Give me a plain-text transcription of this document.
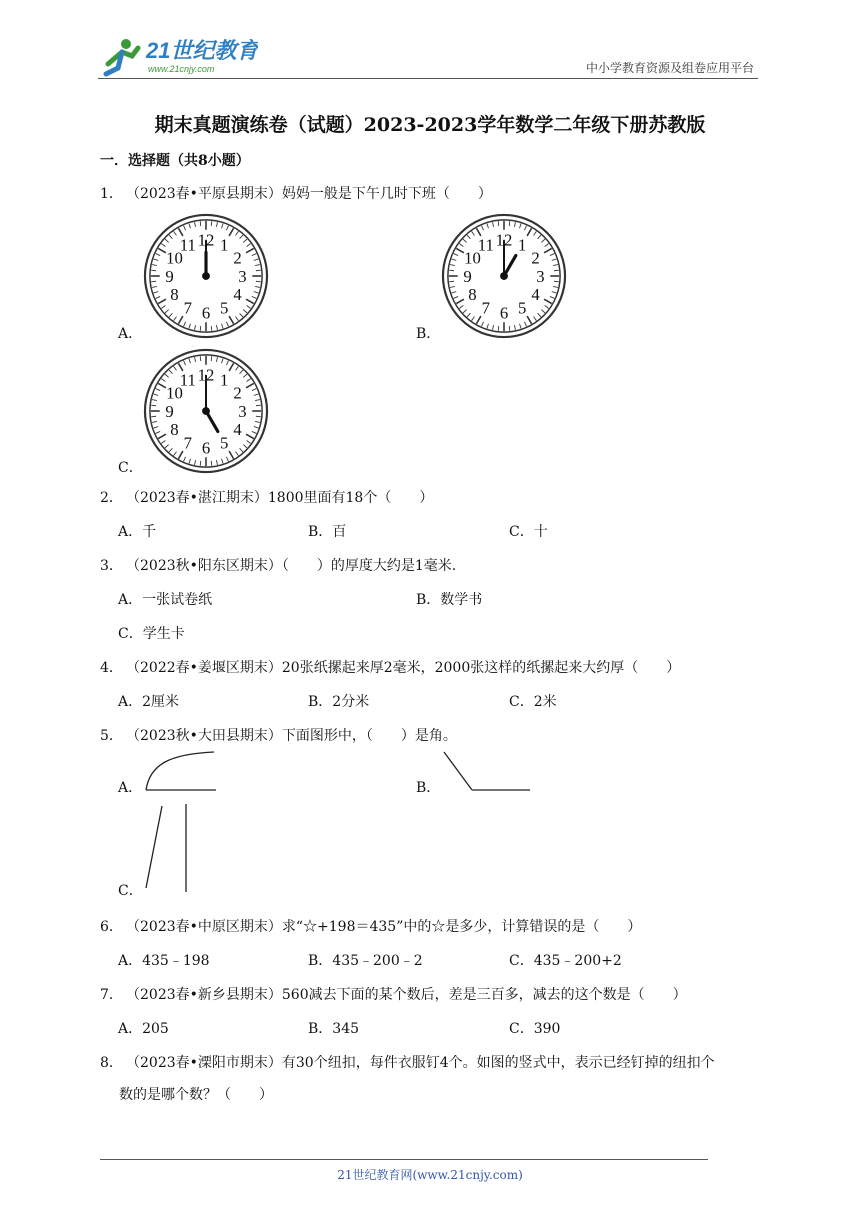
21世纪教育
www.21cnjy.com	中小学教育资源及组卷应用平台
期末真题演练卷（试题）2023-2023学年数学二年级下册苏教版
一．选择题（共8小题）
1． （2023春•平原县期末）妈妈一般是下午几时下班（　　）
A．
12 1
2
3
4
5
6
7
8
9
10
11
B．
12 1
2
3
4
5
6
7
8
9
10
11
C．
12 1
2
3
4
5
6
7
8
9
10
11
2． （2023春•湛江期末）1800里面有18个（　　）
A．千	B．百	C．十
3． （2023秋•阳东区期末）（　　）的厚度大约是1毫米.
A．一张试卷纸	B．数学书
C．学生卡
4． （2022春•姜堰区期末）20张纸摞起来厚2毫米，2000张这样的纸摞起来大约厚（　　）
A．2厘米	B．2分米	C．2米
5． （2023秋•大田县期末）下面图形中，（　　）是角。
A．	B．
C．
6． （2023春•中原区期末）求“☆+198＝435”中的☆是多少，计算错误的是（　　）
A．435﹣198	B．435﹣200﹣2	C．435﹣200+2
7． （2023春•新乡县期末）560减去下面的某个数后，差是三百多，减去的这个数是（　　）
A．205	B．345	C．390
8． （2023春•溧阳市期末）有30个纽扣，每件衣服钉4个。如图的竖式中，表示已经钉掉的纽扣个
数的是哪个数？（　　）
21世纪教育网(www.21cnjy.com)
